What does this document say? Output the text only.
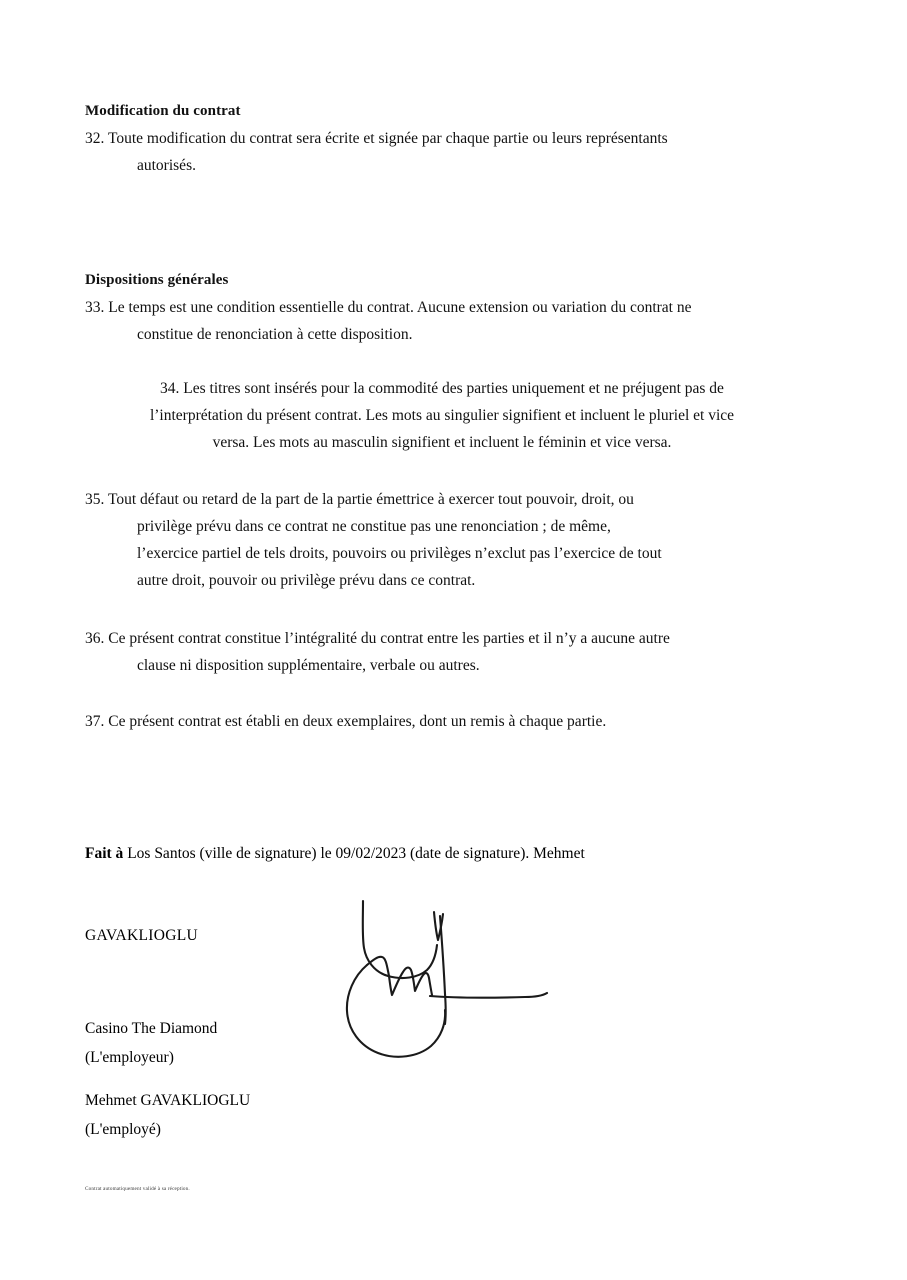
Modification du contrat
32. Toute modification du contrat sera écrite et signée par chaque partie ou leurs représentants
autorisés.
Dispositions générales
33. Le temps est une condition essentielle du contrat. Aucune extension ou variation du contrat ne
constitue de renonciation à cette disposition.
34. Les titres sont insérés pour la commodité des parties uniquement et ne préjugent pas de
l’interprétation du présent contrat. Les mots au singulier signifient et incluent le pluriel et vice
versa. Les mots au masculin signifient et incluent le féminin et vice versa.
35. Tout défaut ou retard de la part de la partie émettrice à exercer tout pouvoir, droit, ou
privilège prévu dans ce contrat ne constitue pas une renonciation ; de même,
l’exercice partiel de tels droits, pouvoirs ou privilèges n’exclut pas l’exercice de tout
autre droit, pouvoir ou privilège prévu dans ce contrat.
36. Ce présent contrat constitue l’intégralité du contrat entre les parties et il n’y a aucune autre
clause ni disposition supplémentaire, verbale ou autres.
37. Ce présent contrat est établi en deux exemplaires, dont un remis à chaque partie.
Fait à Los Santos (ville de signature) le 09/02/2023 (date de signature). Mehmet
GAVAKLIOGLU
Casino The Diamond
(L'employeur)
Mehmet GAVAKLIOGLU
(L'employé)
Contrat automatiquement validé à sa réception.
